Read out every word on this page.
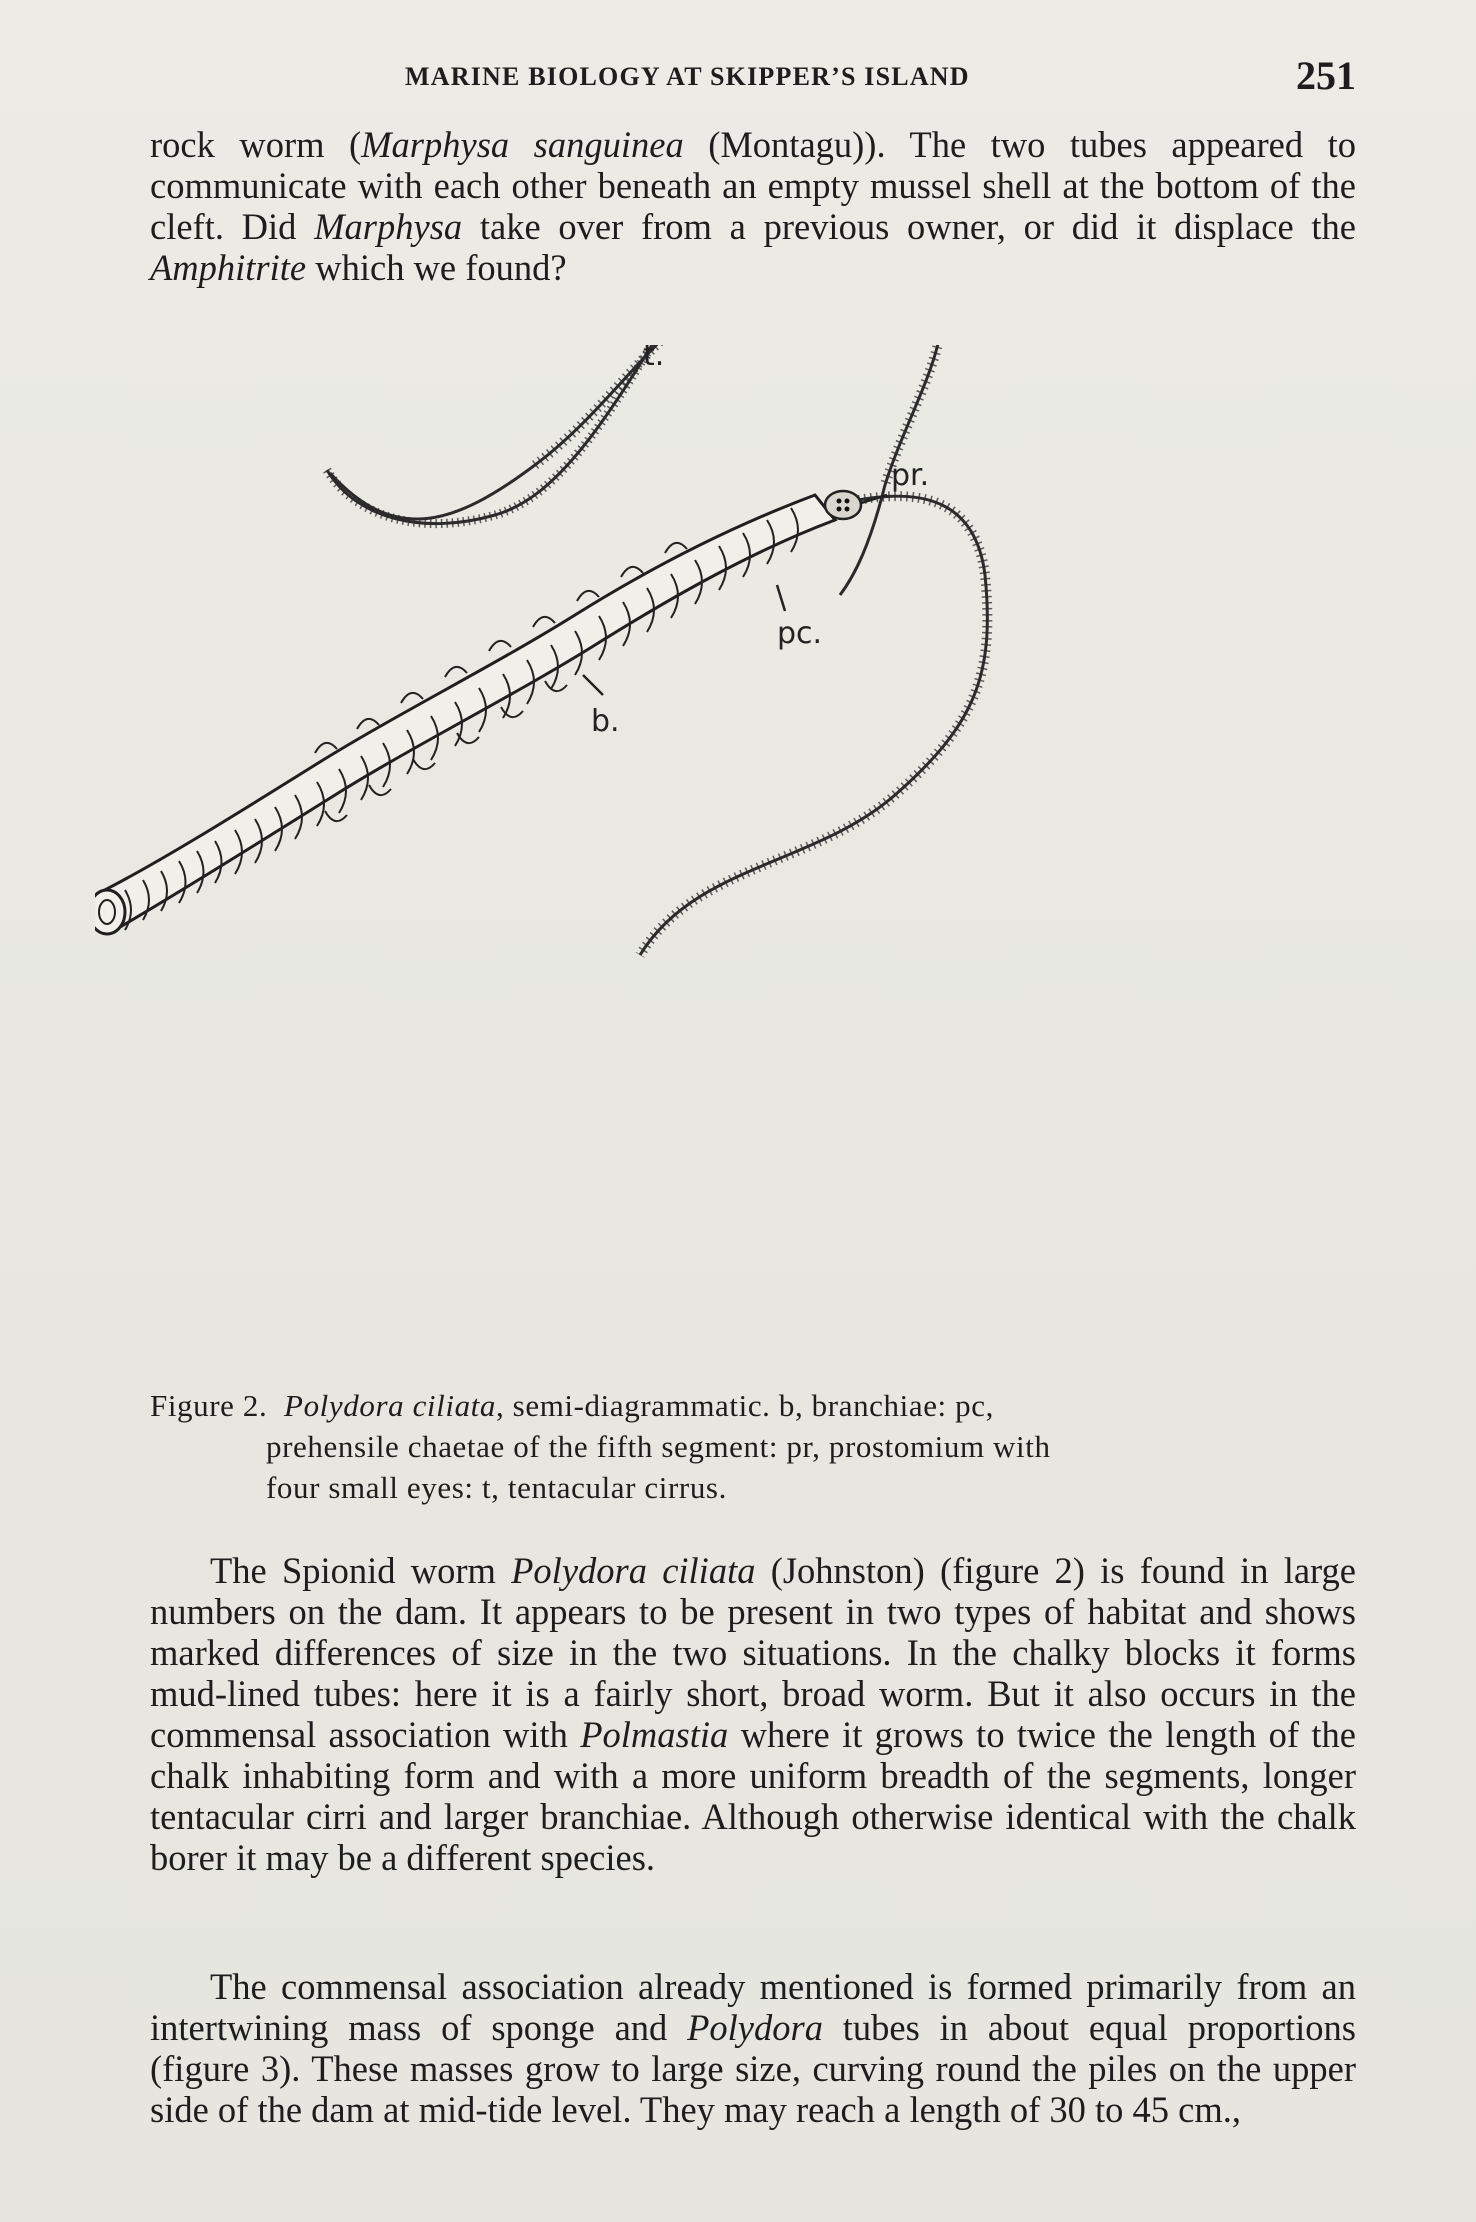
MARINE BIOLOGY AT SKIPPER’S ISLAND	251

rock worm (Marphysa sanguinea (Montagu)). The two tubes appeared to communicate with each other beneath an empty mussel shell at the bottom of the cleft. Did Marphysa take over from a previous owner, or did it displace the Amphitrite which we found?

t.
pr.
pc.
b.
Figure 2. Polydora ciliata, semi-diagrammatic. b, branchiae: pc,
prehensile chaetae of the fifth segment: pr, prostomium with
four small eyes: t, tentacular cirrus.

The Spionid worm Polydora ciliata (Johnston) (figure 2) is found in large numbers on the dam. It appears to be present in two types of habitat and shows marked differences of size in the two situations. In the chalky blocks it forms mud-lined tubes: here it is a fairly short, broad worm. But it also occurs in the commensal association with Polmastia where it grows to twice the length of the chalk inhabiting form and with a more uniform breadth of the segments, longer tentacular cirri and larger branchiae. Although otherwise identical with the chalk borer it may be a different species.

The commensal association already mentioned is formed primarily from an intertwining mass of sponge and Polydora tubes in about equal proportions (figure 3). These masses grow to large size, curving round the piles on the upper side of the dam at mid-tide level. They may reach a length of 30 to 45 cm.,
